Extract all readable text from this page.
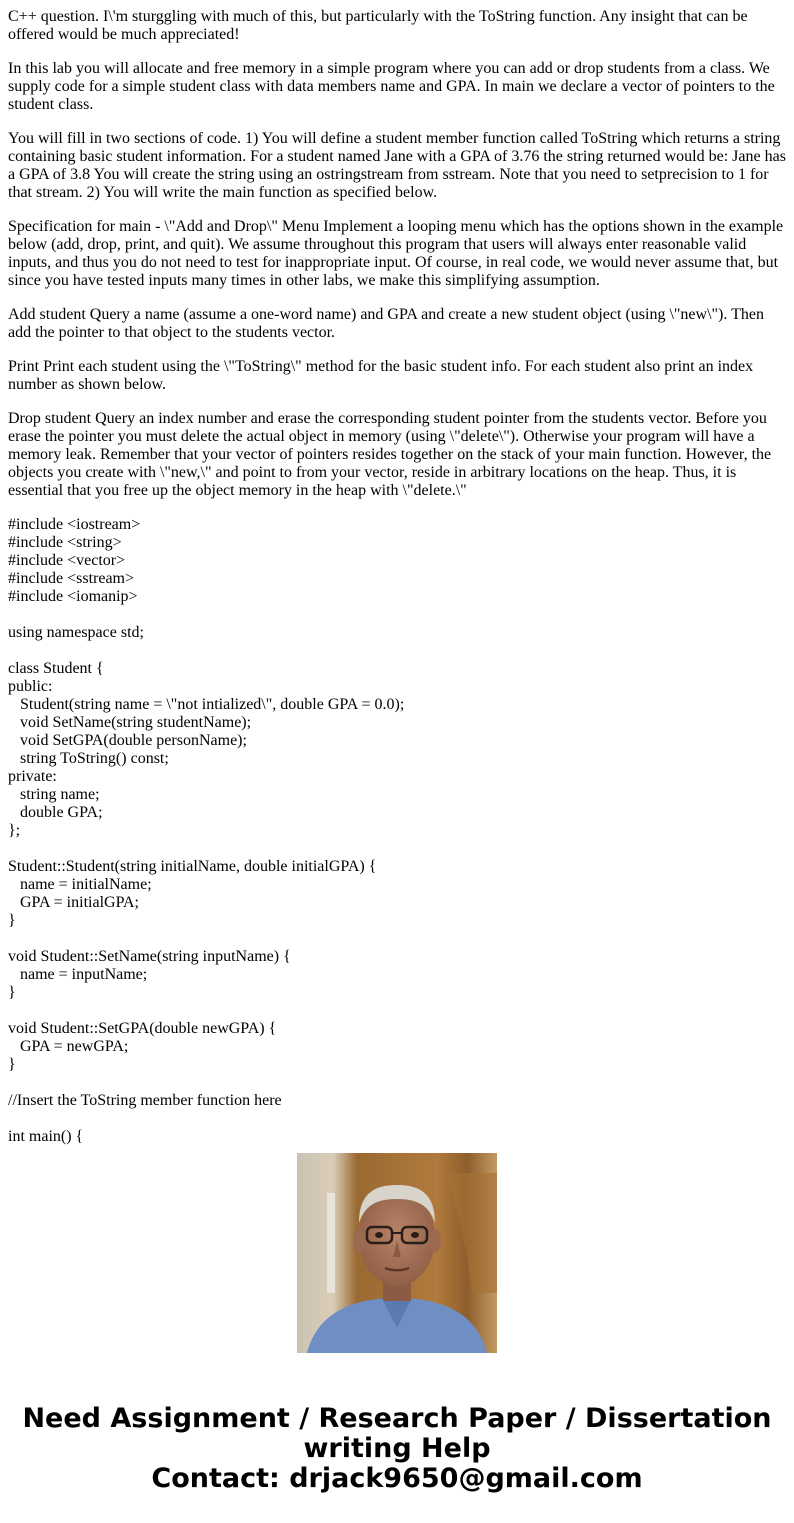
C++ question. I\'m sturggling with much of this, but particularly with the ToString function. Any insight that can be offered would be much appreciated!

In this lab you will allocate and free memory in a simple program where you can add or drop students from a class. We supply code for a simple student class with data members name and GPA. In main we declare a vector of pointers to the student class.

You will fill in two sections of code. 1) You will define a student member function called ToString which returns a string containing basic student information. For a student named Jane with a GPA of 3.76 the string returned would be: Jane has a GPA of 3.8 You will create the string using an ostringstream from sstream. Note that you need to setprecision to 1 for that stream. 2) You will write the main function as specified below.

Specification for main - \"Add and Drop\" Menu Implement a looping menu which has the options shown in the example below (add, drop, print, and quit). We assume throughout this program that users will always enter reasonable valid inputs, and thus you do not need to test for inappropriate input. Of course, in real code, we would never assume that, but since you have tested inputs many times in other labs, we make this simplifying assumption.

Add student Query a name (assume a one-word name) and GPA and create a new student object (using \"new\"). Then add the pointer to that object to the students vector.

Print Print each student using the \"ToString\" method for the basic student info. For each student also print an index number as shown below.

Drop student Query an index number and erase the corresponding student pointer from the students vector. Before you erase the pointer you must delete the actual object in memory (using \"delete\"). Otherwise your program will have a memory leak. Remember that your vector of pointers resides together on the stack of your main function. However, the objects you create with \"new,\" and point to from your vector, reside in arbitrary locations on the heap. Thus, it is essential that you free up the object memory in the heap with \"delete.\"

#include <iostream>
#include <string>
#include <vector>
#include <sstream>
#include <iomanip>

using namespace std;

class Student {
public:
Student(string name = \"not intialized\", double GPA = 0.0);
void SetName(string studentName);
void SetGPA(double personName);
string ToString() const;
private:
string name;
double GPA;
};

Student::Student(string initialName, double initialGPA) {
name = initialName;
GPA = initialGPA;
}

void Student::SetName(string inputName) {
name = inputName;
}

void Student::SetGPA(double newGPA) {
GPA = newGPA;
}

//Insert the ToString member function here

int main() {
Need Assignment / Research Paper / Dissertation
writing Help
Contact: drjack9650@gmail.com
